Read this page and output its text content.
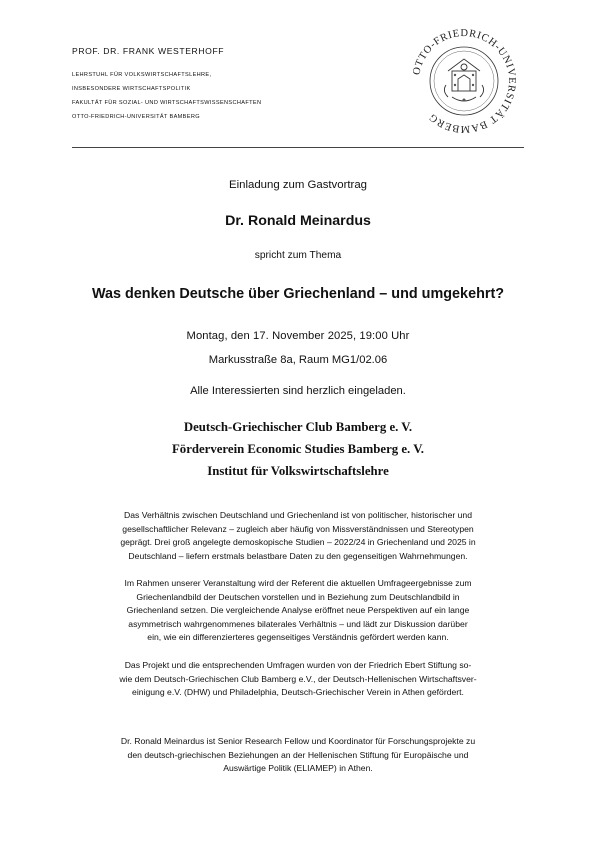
PROF. DR. FRANK WESTERHOFF
LEHRSTUHL FÜR VOLKSWIRTSCHAFTSLEHRE,
INSBESONDERE WIRTSCHAFTSPOLITIK
FAKULTÄT FÜR SOZIAL- UND WIRTSCHAFTSWISSENSCHAFTEN
OTTO-FRIEDRICH-UNIVERSITÄT BAMBERG
OTTO-FRIEDRICH-UNIVERSITÄT BAMBERG
Einladung zum Gastvortrag
Dr. Ronald Meinardus
spricht zum Thema
Was denken Deutsche über Griechenland – und umgekehrt?
Montag, den 17. November 2025, 19:00 Uhr
Markusstraße 8a, Raum MG1/02.06
Alle Interessierten sind herzlich eingeladen.
Deutsch-Griechischer Club Bamberg e. V.
Förderverein Economic Studies Bamberg e. V.
Institut für Volkswirtschaftslehre
Das Verhältnis zwischen Deutschland und Griechenland ist von politischer, historischer und
gesellschaftlicher Relevanz – zugleich aber häufig von Missverständnissen und Stereotypen
geprägt. Drei groß angelegte demoskopische Studien – 2022/24 in Griechenland und 2025 in
Deutschland – liefern erstmals belastbare Daten zu den gegenseitigen Wahrnehmungen.
Im Rahmen unserer Veranstaltung wird der Referent die aktuellen Umfrageergebnisse zum
Griechenlandbild der Deutschen vorstellen und in Beziehung zum Deutschlandbild in
Griechenland setzen. Die vergleichende Analyse eröffnet neue Perspektiven auf ein lange
asymmetrisch wahrgenommenes bilaterales Verhältnis – und lädt zur Diskussion darüber
ein, wie ein differenzierteres gegenseitiges Verständnis gefördert werden kann.
Das Projekt und die entsprechenden Umfragen wurden von der Friedrich Ebert Stiftung so-
wie dem Deutsch-Griechischen Club Bamberg e.V., der Deutsch-Hellenischen Wirtschaftsver-
einigung e.V. (DHW) und Philadelphia, Deutsch-Griechischer Verein in Athen gefördert.
Dr. Ronald Meinardus ist Senior Research Fellow und Koordinator für Forschungsprojekte zu
den deutsch-griechischen Beziehungen an der Hellenischen Stiftung für Europäische und
Auswärtige Politik (ELIAMEP) in Athen.
